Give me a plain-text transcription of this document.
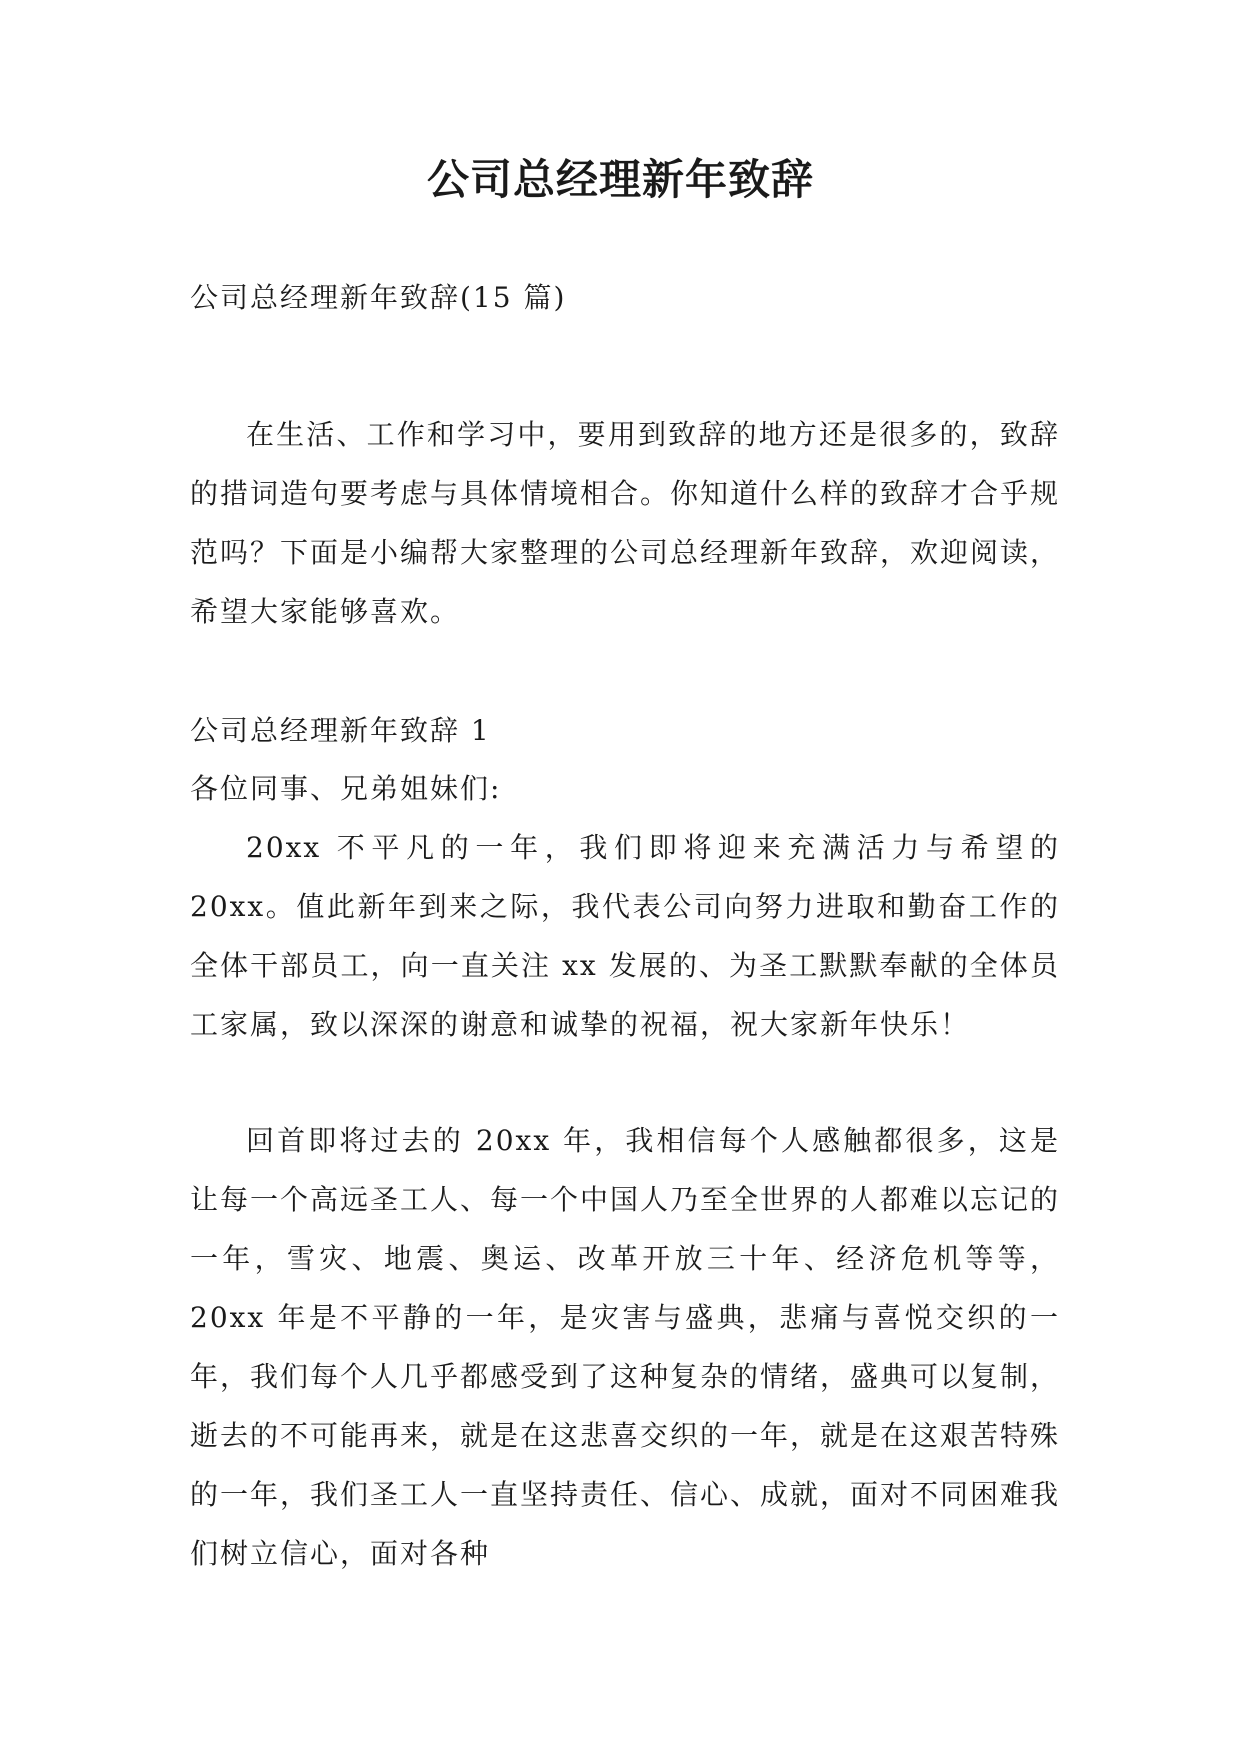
公司总经理新年致辞

公司总经理新年致辞(15 篇)

在生活、工作和学习中，要用到致辞的地方还是很多的，致辞的措词造句要考虑与具体情境相合。你知道什么样的致辞才合乎规范吗？下面是小编帮大家整理的公司总经理新年致辞，欢迎阅读，希望大家能够喜欢。

公司总经理新年致辞 1

各位同事、兄弟姐妹们:

20xx 不平凡的一年，我们即将迎来充满活力与希望的 20xx。值此新年到来之际，我代表公司向努力进取和勤奋工作的全体干部员工，向一直关注 xx 发展的、为圣工默默奉献的全体员工家属，致以深深的谢意和诚挚的祝福，祝大家新年快乐！

回首即将过去的 20xx 年，我相信每个人感触都很多，这是让每一个高远圣工人、每一个中国人乃至全世界的人都难以忘记的一年，雪灾、地震、奥运、改革开放三十年、经济危机等等，20xx 年是不平静的一年，是灾害与盛典，悲痛与喜悦交织的一年，我们每个人几乎都感受到了这种复杂的情绪，盛典可以复制，逝去的不可能再来，就是在这悲喜交织的一年，就是在这艰苦特殊的一年，我们圣工人一直坚持责任、信心、成就，面对不同困难我们树立信心，面对各种
